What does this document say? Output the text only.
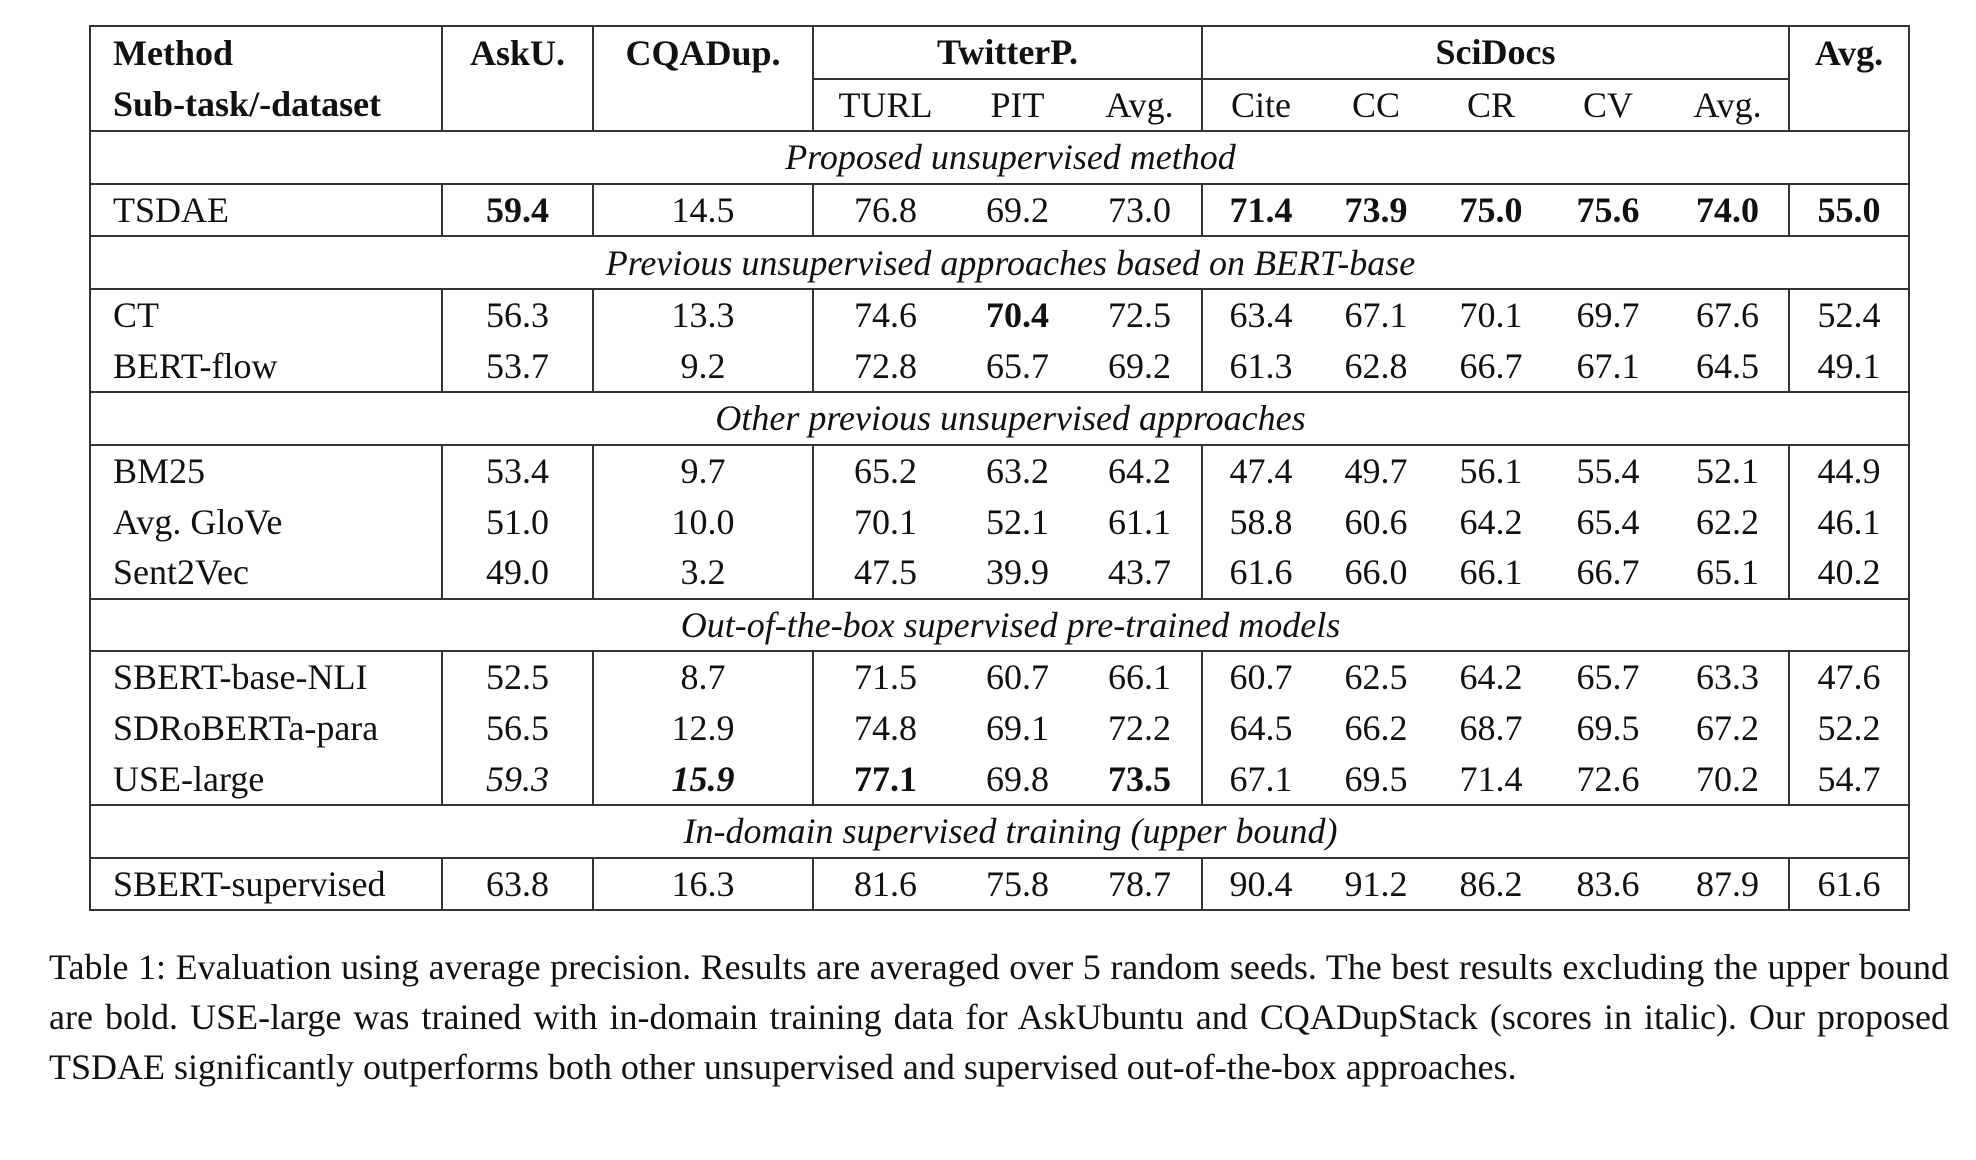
Method	AskU.	CQADup.	TwitterP.			SciDocs					Avg.
Sub-task/-dataset			TURL	PIT	Avg.	Cite	CC	CR	CV	Avg.	
Proposed unsupervised method											
TSDAE	59.4	14.5	76.8	69.2	73.0	71.4	73.9	75.0	75.6	74.0	55.0
Previous unsupervised approaches based on BERT-base											
CT	56.3	13.3	74.6	70.4	72.5	63.4	67.1	70.1	69.7	67.6	52.4
BERT-flow	53.7	9.2	72.8	65.7	69.2	61.3	62.8	66.7	67.1	64.5	49.1
Other previous unsupervised approaches											
BM25	53.4	9.7	65.2	63.2	64.2	47.4	49.7	56.1	55.4	52.1	44.9
Avg. GloVe	51.0	10.0	70.1	52.1	61.1	58.8	60.6	64.2	65.4	62.2	46.1
Sent2Vec	49.0	3.2	47.5	39.9	43.7	61.6	66.0	66.1	66.7	65.1	40.2
Out-of-the-box supervised pre-trained models											
SBERT-base-NLI	52.5	8.7	71.5	60.7	66.1	60.7	62.5	64.2	65.7	63.3	47.6
SDRoBERTa-para	56.5	12.9	74.8	69.1	72.2	64.5	66.2	68.7	69.5	67.2	52.2
USE-large	59.3	15.9	77.1	69.8	73.5	67.1	69.5	71.4	72.6	70.2	54.7
In-domain supervised training (upper bound)											
SBERT-supervised	63.8	16.3	81.6	75.8	78.7	90.4	91.2	86.2	83.6	87.9	61.6
Table 1: Evaluation using average precision. Results are averaged over 5 random seeds. The best results excluding the upper bound are bold. USE-large was trained with in-domain training data for AskUbuntu and CQADupStack (scores in italic). Our proposed TSDAE significantly outperforms both other unsupervised and supervised out-of-the-box approaches.
